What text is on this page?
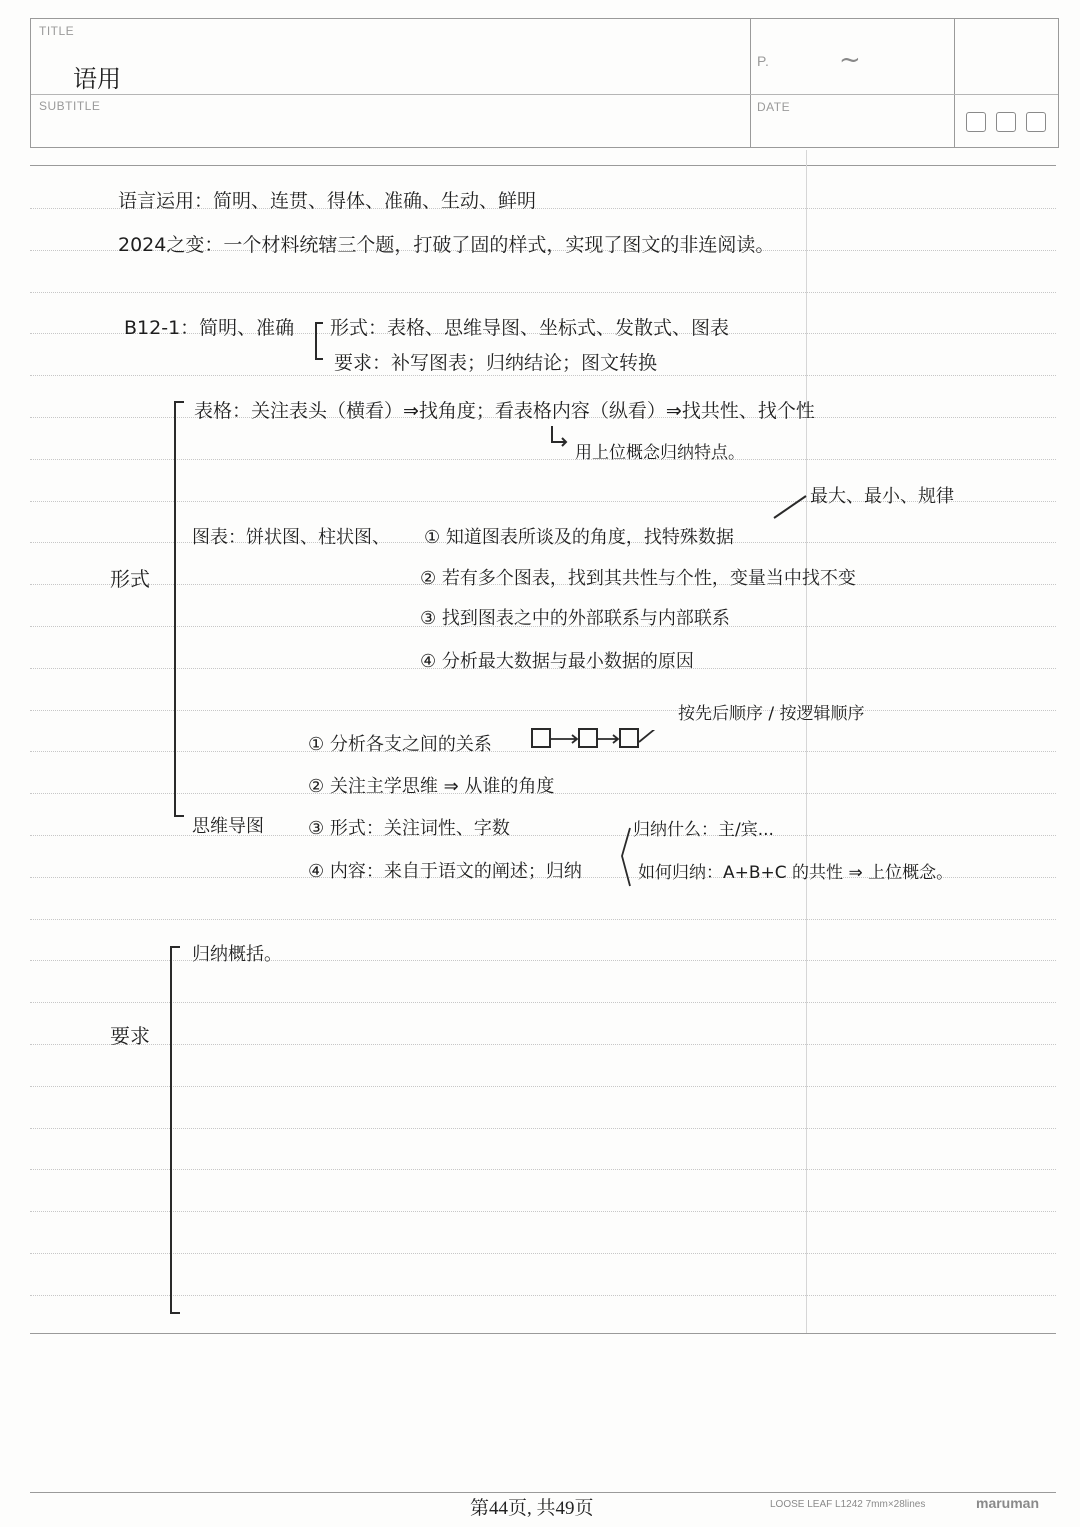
TITLE
语用
SUBTITLE
P.	~
DATE
语言运用：简明、连贯、得体、准确、生动、鲜明
2024之变：一个材料统辖三个题，打破了固的样式，实现了图文的非连阅读。
B12-1：简明、准确 形式：表格、思维导图、坐标式、发散式、图表
要求：补写图表；归纳结论；图文转换
形式
表格：关注表头（横看）⇒找角度；看表格内容（纵看）⇒找共性、找个性
用上位概念归纳特点。
最大、最小、规律
图表：饼状图、柱状图、 ① 知道图表所谈及的角度，找特殊数据
② 若有多个图表，找到其共性与个性，变量当中找不变
③ 找到图表之中的外部联系与内部联系
④ 分析最大数据与最小数据的原因
按先后顺序 / 按逻辑顺序
① 分析各支之间的关系
② 关注主学思维 ⇒ 从谁的角度
思维导图 ③ 形式：关注词性、字数
④ 内容：来自于语文的阐述；归纳
归纳什么：主/宾...
如何归纳：A+B+C 的共性 ⇒ 上位概念。
归纳概括。
要求
第44页, 共49页	LOOSE LEAF L1242 7mm×28lines	maruman
